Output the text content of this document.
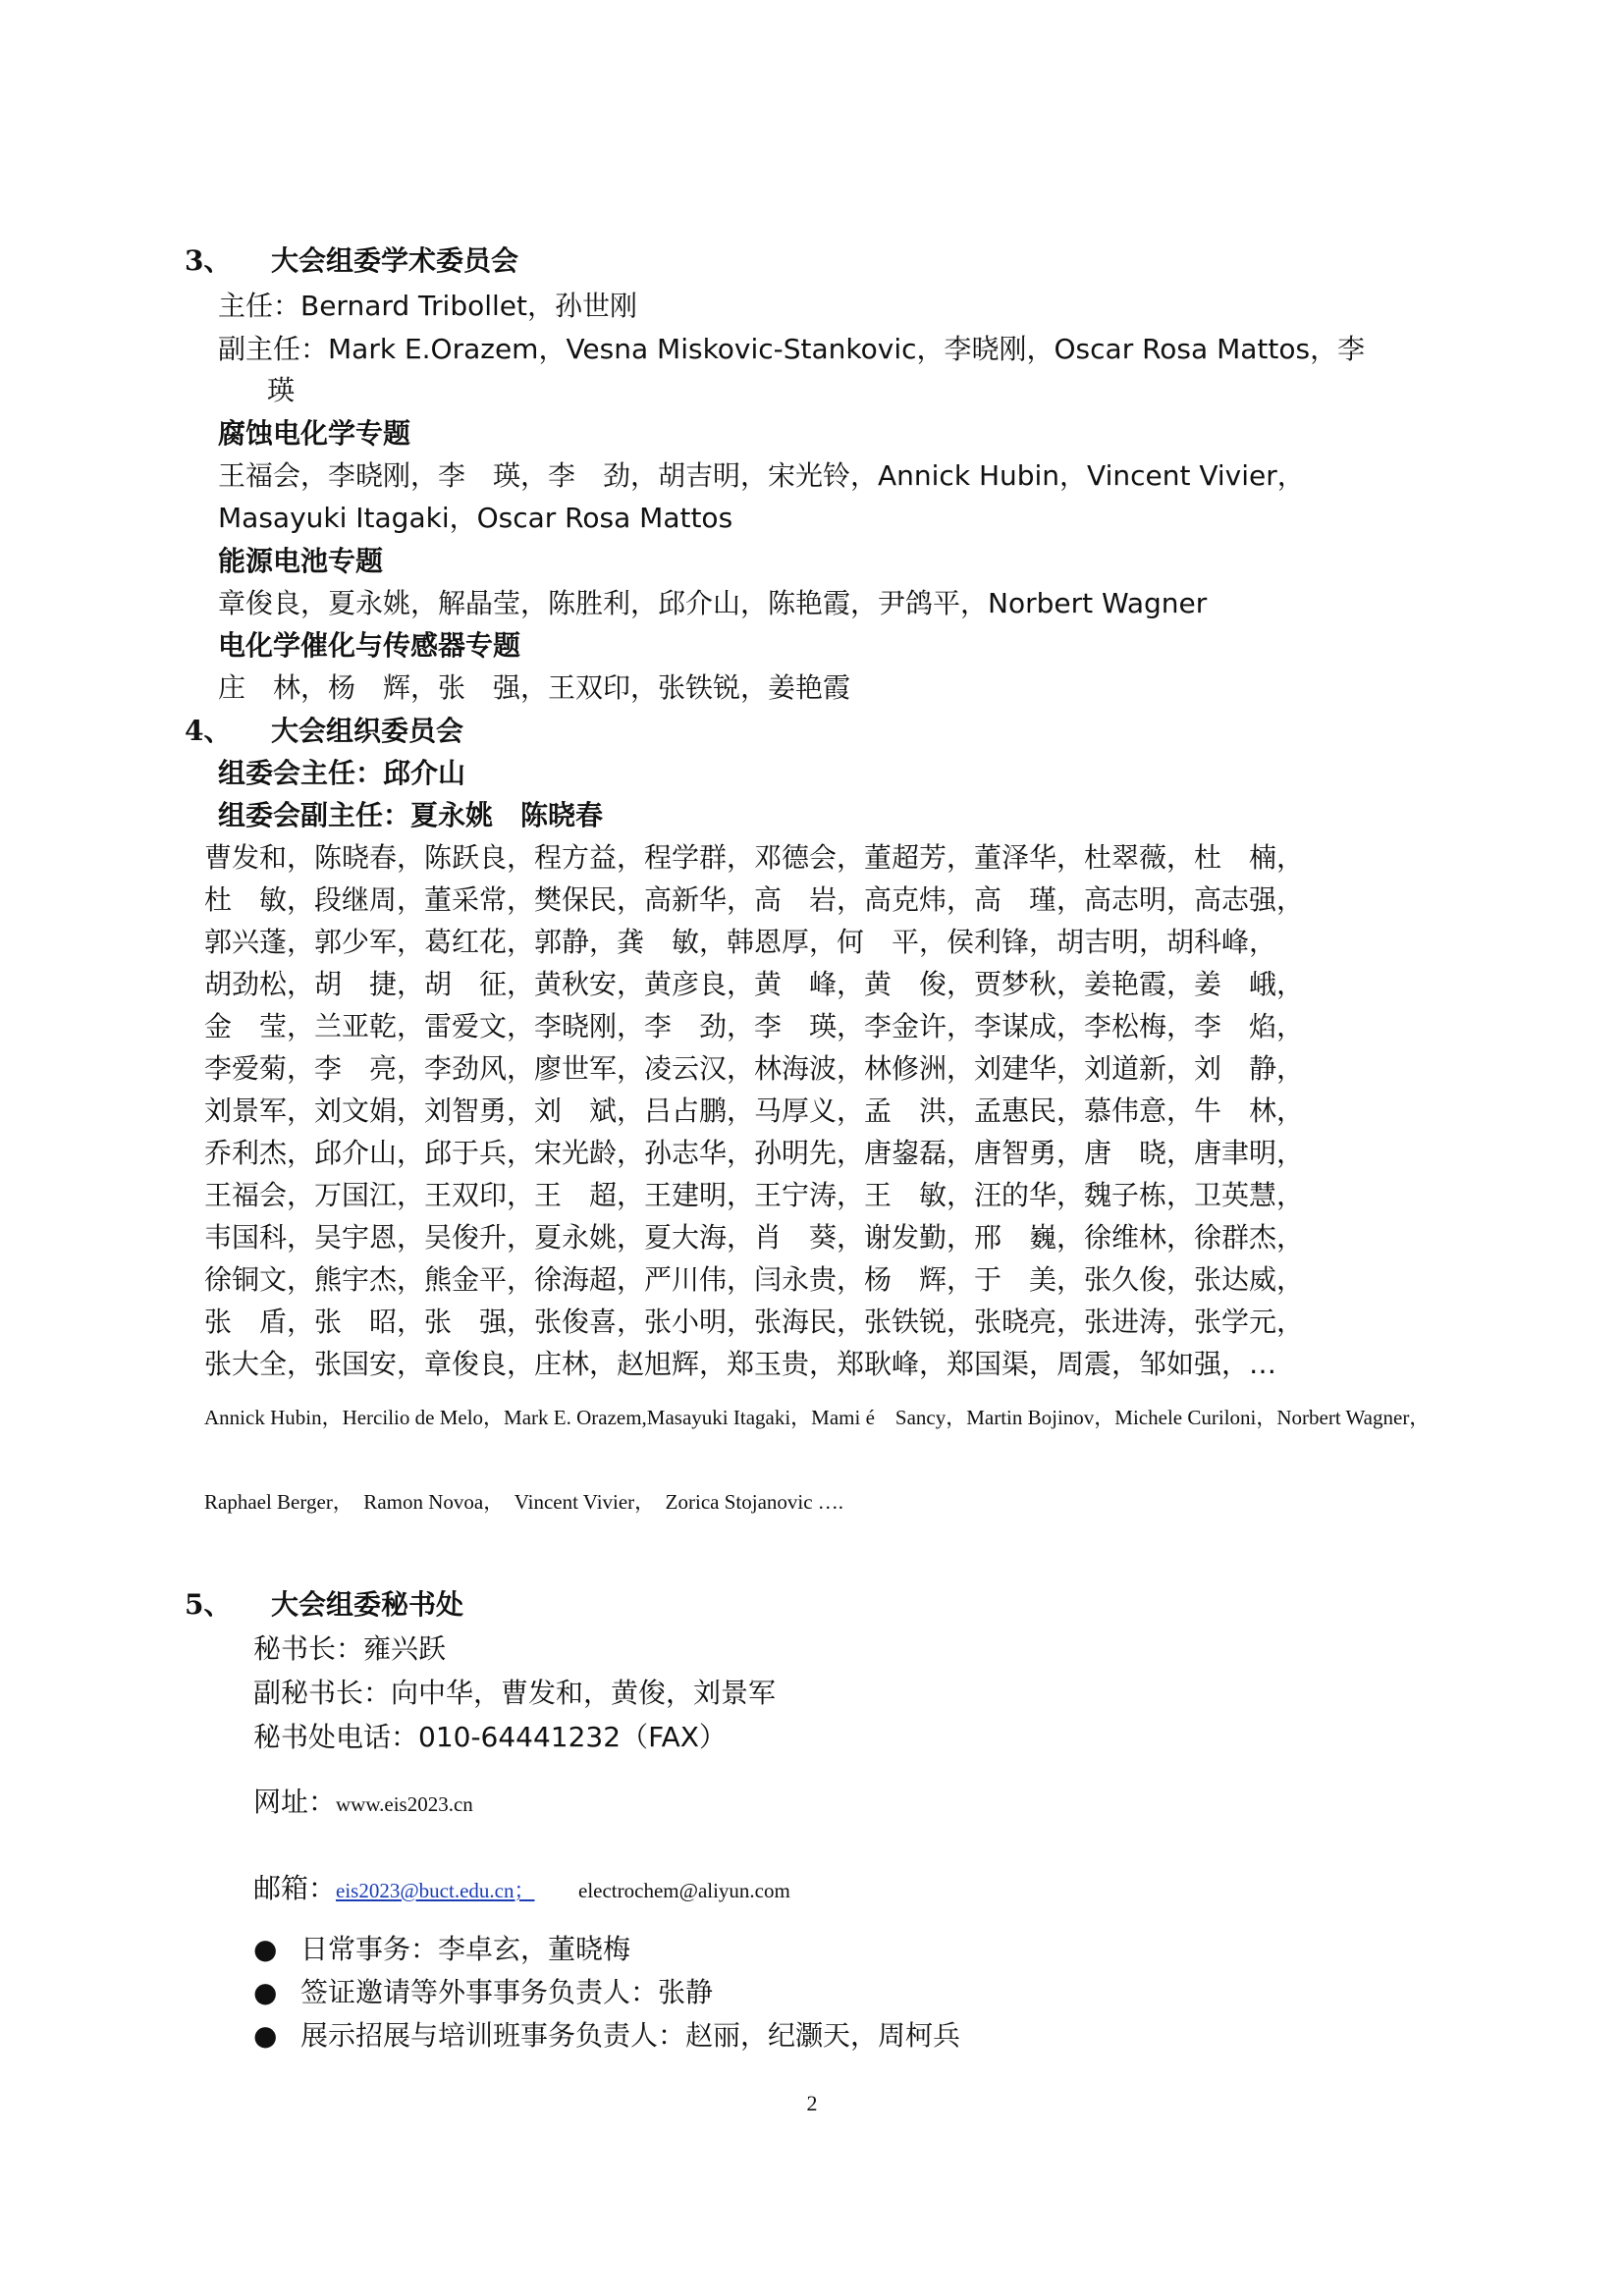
3、 大会组委学术委员会
主任：Bernard Tribollet，孙世刚
副主任：Mark E.Orazem，Vesna Miskovic-Stankovic，李晓刚，Oscar Rosa Mattos，李
瑛
腐蚀电化学专题
王福会，李晓刚，李　瑛，李　劲，胡吉明，宋光铃，Annick Hubin，Vincent Vivier，
Masayuki Itagaki，Oscar Rosa Mattos
能源电池专题
章俊良，夏永姚，解晶莹，陈胜利，邱介山，陈艳霞，尹鸽平，Norbert Wagner
电化学催化与传感器专题
庄　林，杨　辉，张　强，王双印，张铁锐，姜艳霞
4、 大会组织委员会
组委会主任：邱介山
组委会副主任：夏永姚　陈晓春
曹发和，陈晓春，陈跃良，程方益，程学群，邓德会，董超芳，董泽华，杜翠薇，杜　楠，
杜　敏，段继周，董采常，樊保民，高新华，高　岩，高克炜，高　瑾，高志明，高志强，
郭兴蓬，郭少军，葛红花，郭静，龚　敏，韩恩厚，何　平，侯利锋，胡吉明，胡科峰，
胡劲松，胡　捷，胡　征，黄秋安，黄彦良，黄　峰，黄　俊，贾梦秋，姜艳霞，姜　峨，
金　莹，兰亚乾，雷爱文，李晓刚，李　劲，李　瑛，李金许，李谋成，李松梅，李　焰，
李爱菊，李　亮，李劲风，廖世军，凌云汉，林海波，林修洲，刘建华，刘道新，刘　静，
刘景军，刘文娟，刘智勇，刘　斌，吕占鹏，马厚义，孟　洪，孟惠民，慕伟意，牛　林，
乔利杰，邱介山，邱于兵，宋光龄，孙志华，孙明先，唐鋆磊，唐智勇，唐　晓，唐聿明，
王福会，万国江，王双印，王　超，王建明，王宁涛，王　敏，汪的华，魏子栋，卫英慧，
韦国科，吴宇恩，吴俊升，夏永姚，夏大海，肖　葵，谢发勤，邢　巍，徐维林，徐群杰，
徐铜文，熊宇杰，熊金平，徐海超，严川伟，闫永贵，杨　辉，于　美，张久俊，张达威，
张　盾，张　昭，张　强，张俊喜，张小明，张海民，张铁锐，张晓亮，张进涛，张学元，
张大全，张国安，章俊良，庄林，赵旭辉，郑玉贵，郑耿峰，郑国渠，周震，邹如强，…
Annick Hubin，Hercilio de Melo，Mark E. Orazem,Masayuki Itagaki，Mami é　Sancy，Martin Bojinov，Michele Curiloni，Norbert Wagner，
Raphael Berger，　Ramon Novoa，　Vincent Vivier，　Zorica Stojanovic ….
5、 大会组委秘书处
秘书长：雍兴跃
副秘书长：向中华，曹发和，黄俊，刘景军
秘书处电话：010-64441232（FAX）
网址：www.eis2023.cn
邮箱：eis2023@buct.edu.cn； electrochem@aliyun.com
● 日常事务：李卓玄，董晓梅
● 签证邀请等外事事务负责人：张静
● 展示招展与培训班事务负责人：赵丽，纪灏天，周柯兵
2
